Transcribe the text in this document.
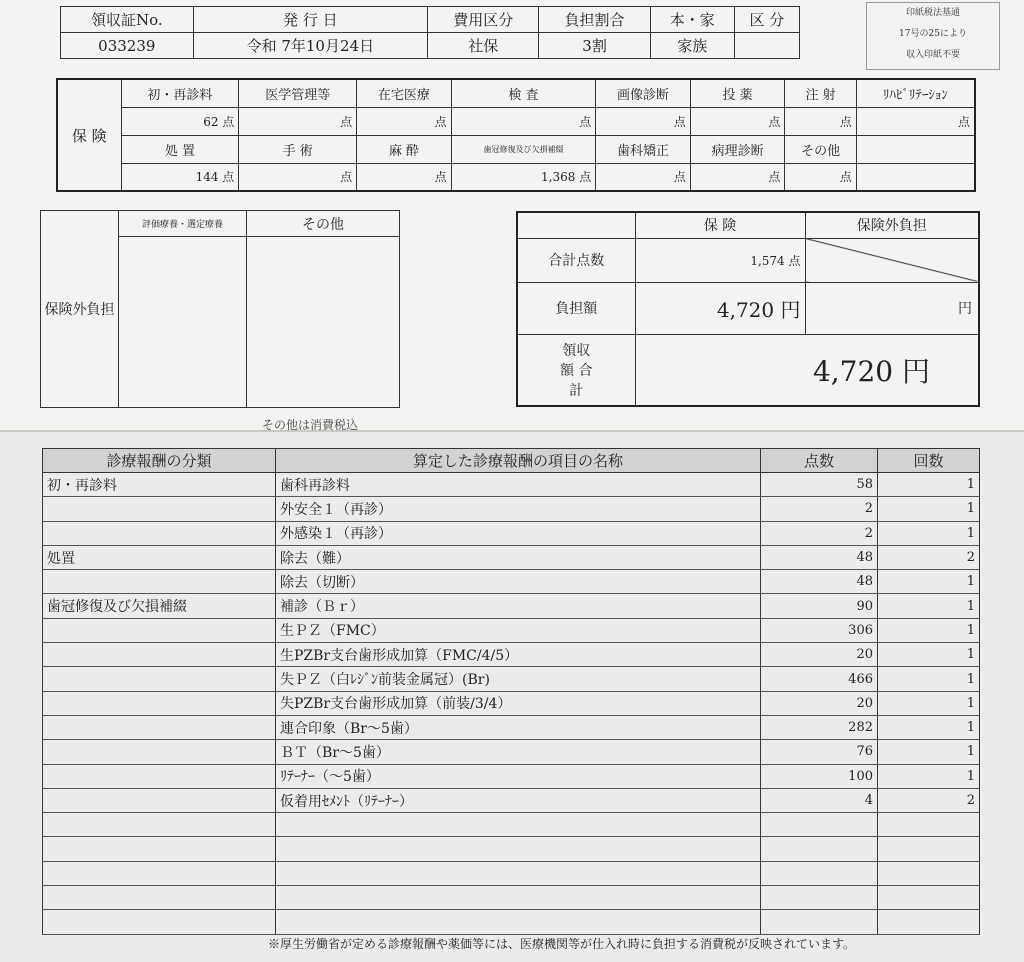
領収証No.	発 行 日	費用区分	負担割合	本・家	区 分
033239	令和 7年10月24日	社保	3割	家族	
印紙税法基通
17号の25により
収入印紙不要
保 険	初・再診料	医学管理等	在宅医療	検 査	画像診断	投 薬	注 射	ﾘﾊﾋﾞﾘﾃｰｼｮﾝ
	62 点	点	点	点	点	点	点	点
	処 置	手 術	麻 酔	歯冠修復及び欠損補綴	歯科矯正	病理診断	その他	
	144 点	点	点	1,368 点	点	点	点	
保険外負担	評価療養・選定療養	その他

その他は消費税込
	保 険	保険外負担
合計点数	1,574 点	
負担額	4,720 円	円
領収額 合 計	4,720 円	
診療報酬の分類	算定した診療報酬の項目の名称	点数	回数
初・再診料	歯科再診料	58	1
	外安全１（再診）	2	1
	外感染１（再診）	2	1
処置	除去（難）	48	2
	除去（切断）	48	1
歯冠修復及び欠損補綴	補診（Ｂｒ）	90	1
	生ＰＺ（FMC）	306	1
	生PZBr支台歯形成加算（FMC/4/5）	20	1
	失ＰＺ（白ﾚｼﾞﾝ前装金属冠）(Br)	466	1
	失PZBr支台歯形成加算（前装/3/4）	20	1
	連合印象（Br～5歯）	282	1
	ＢＴ（Br～5歯）	76	1
	ﾘﾃｰﾅｰ（～5歯）	100	1
	仮着用ｾﾒﾝﾄ（ﾘﾃｰﾅｰ）	4	2

※厚生労働省が定める診療報酬や薬価等には、医療機関等が仕入れ時に負担する消費税が反映されています。
